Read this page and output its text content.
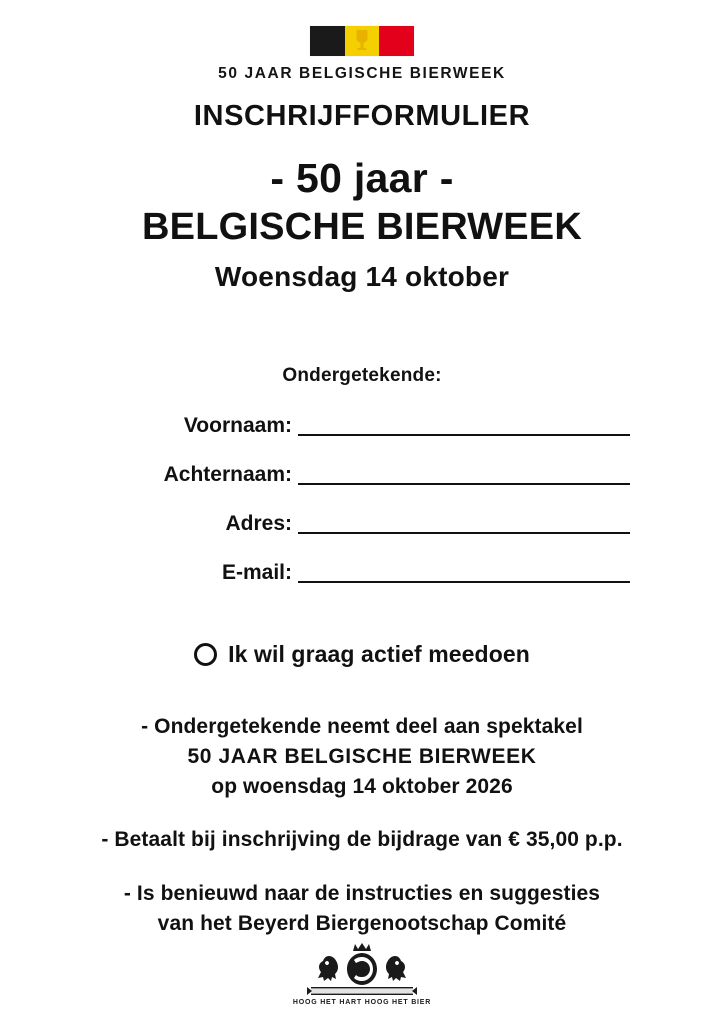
50 JAAR BELGISCHE BIERWEEK
INSCHRIJFFORMULIER
- 50 jaar -
BELGISCHE BIERWEEK
Woensdag 14 oktober
Ondergetekende:
Voornaam:
Achternaam:
Adres:
E-mail:
Ik wil graag actief meedoen
- Ondergetekende neemt deel aan spektakel
50 JAAR BELGISCHE BIERWEEK
op woensdag 14 oktober 2026
- Betaalt bij inschrijving de bijdrage van € 35,00 p.p.
- Is benieuwd naar de instructies en suggesties
van het Beyerd Biergenootschap Comité
HOOG HET HART HOOG HET BIER
